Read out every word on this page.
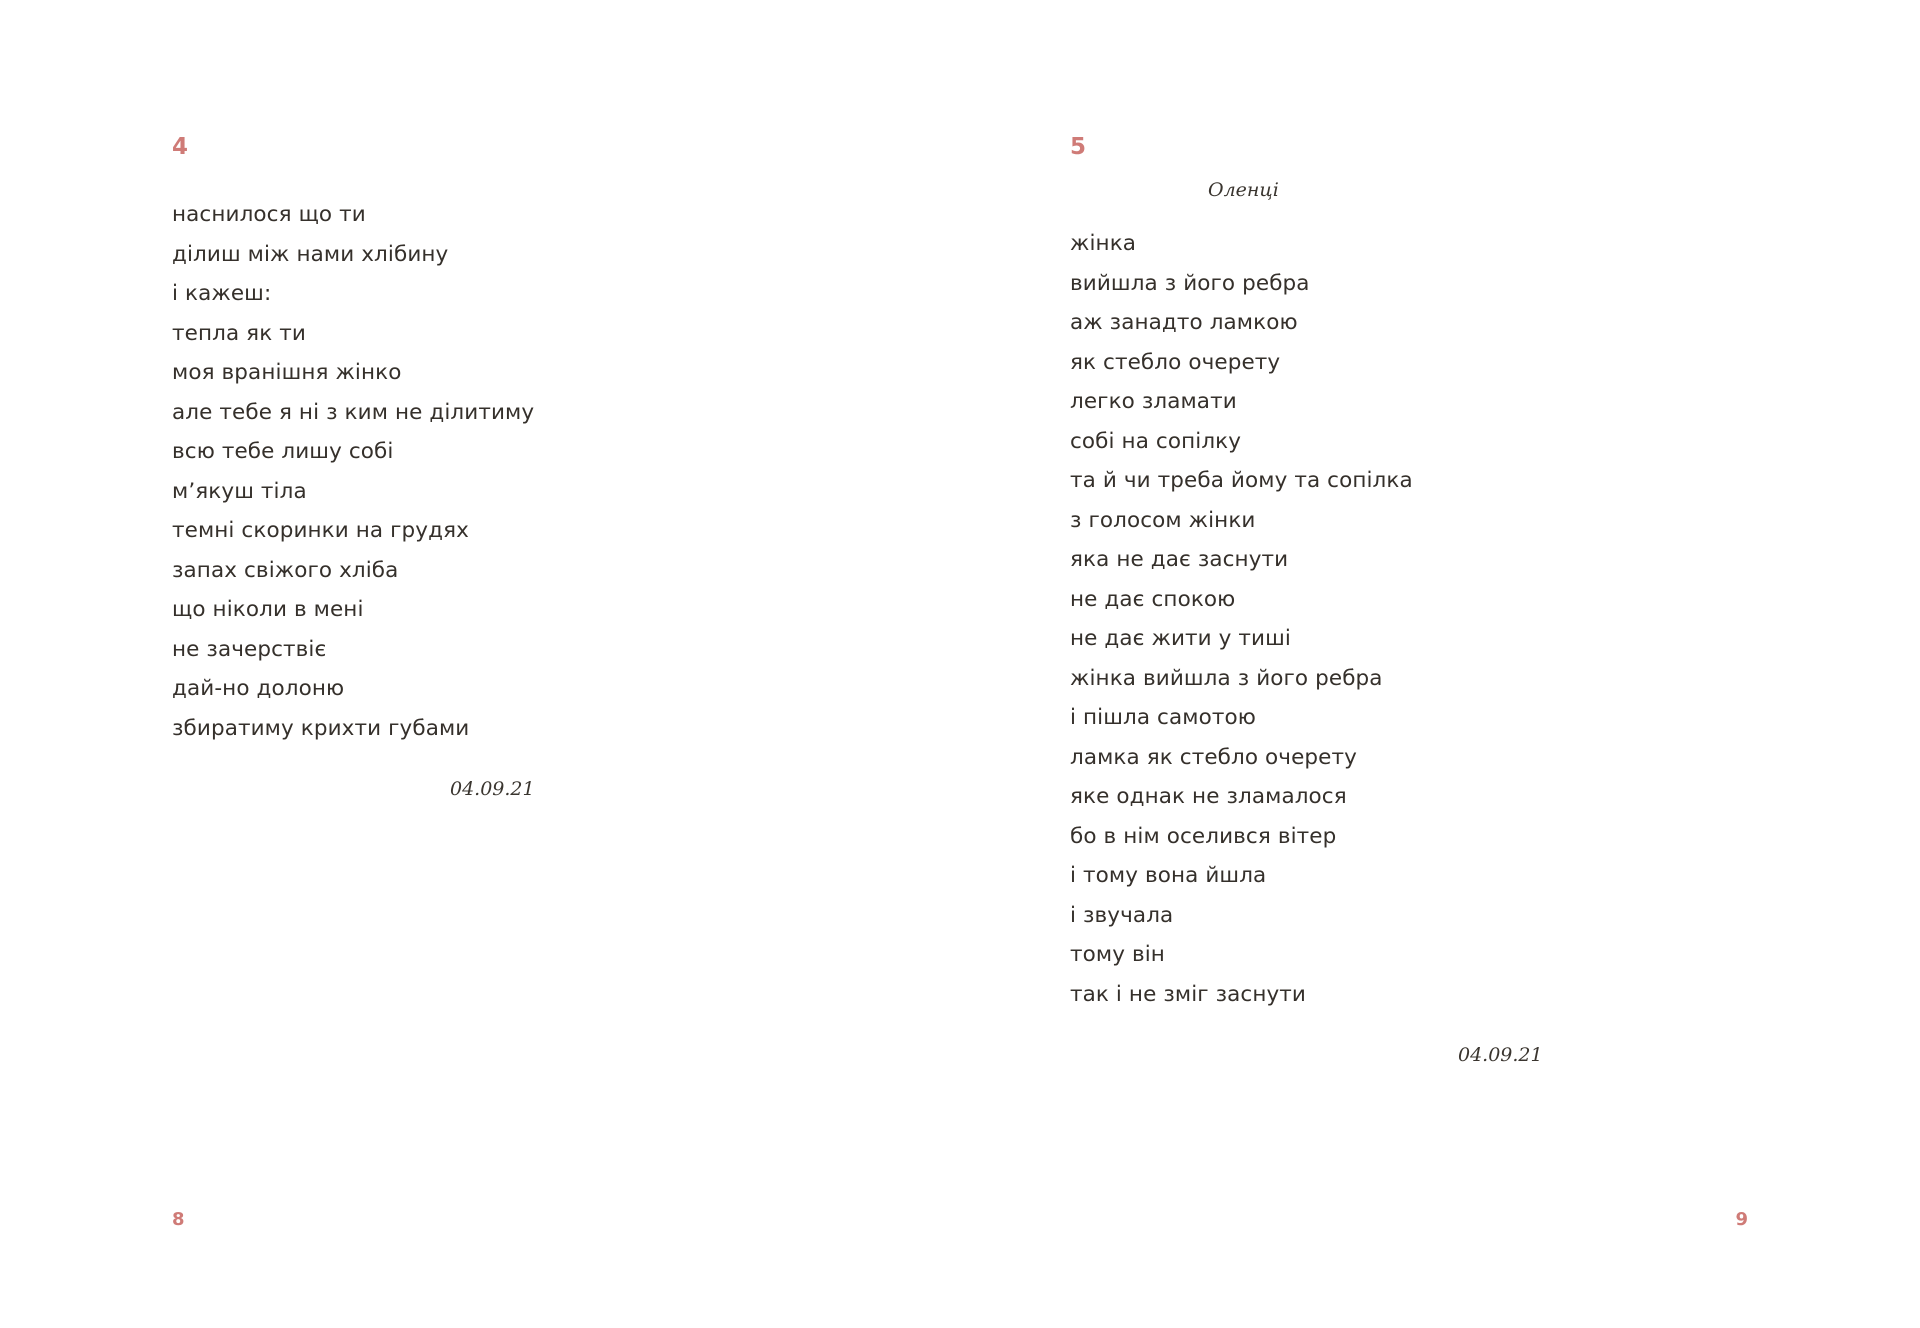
4
наснилося що ти
ділиш між нами хлібину
і кажеш:
тепла як ти
моя вранішня жінко
але тебе я ні з ким не ділитиму
всю тебе лишу собі
м’якуш тіла
темні скоринки на грудях
запах свіжого хліба
що ніколи в мені
не зачерствіє
дай-но долоню
збиратиму крихти губами
04.09.21
8
5
Оленці
жінка
вийшла з його ребра
аж занадто ламкою
як стебло очерету
легко зламати
собі на сопілку
та й чи треба йому та сопілка
з голосом жінки
яка не дає заснути
не дає спокою
не дає жити у тиші
жінка вийшла з його ребра
і пішла самотою
ламка як стебло очерету
яке однак не зламалося
бо в нім оселився вітер
і тому вона йшла
і звучала
тому він
так і не зміг заснути
04.09.21
9
